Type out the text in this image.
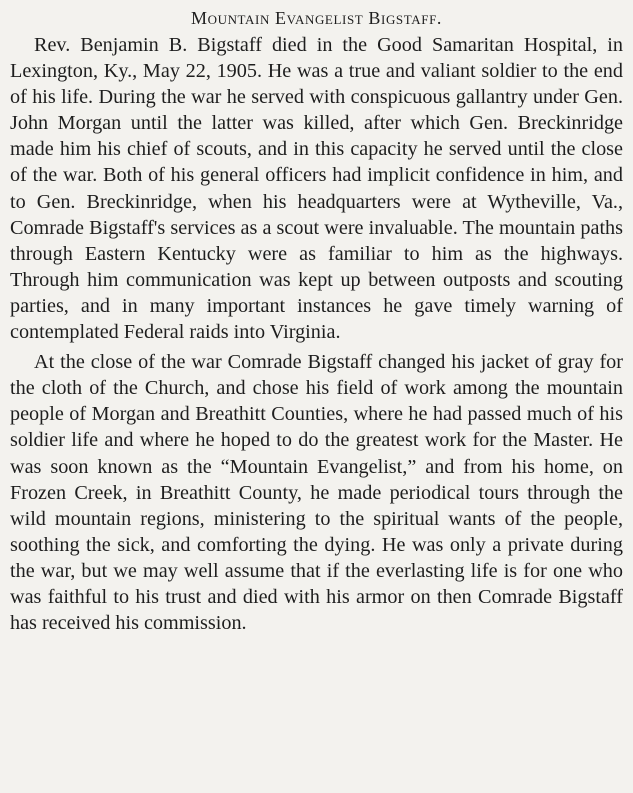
Mountain Evangelist Bigstaff.

Rev. Benjamin B. Bigstaff died in the Good Samaritan Hospital, in Lexington, Ky., May 22, 1905. He was a true and valiant soldier to the end of his life. During the war he served with conspicuous gallantry under Gen. John Morgan until the latter was killed, after which Gen. Breckinridge made him his chief of scouts, and in this capacity he served until the close of the war. Both of his general officers had implicit confidence in him, and to Gen. Breckinridge, when his headquarters were at Wytheville, Va., Comrade Bigstaff's services as a scout were invaluable. The mountain paths through Eastern Kentucky were as familiar to him as the highways. Through him communication was kept up between outposts and scouting parties, and in many important instances he gave timely warning of contemplated Federal raids into Virginia.

At the close of the war Comrade Bigstaff changed his jacket of gray for the cloth of the Church, and chose his field of work among the mountain people of Morgan and Breathitt Counties, where he had passed much of his soldier life and where he hoped to do the greatest work for the Master. He was soon known as the “Mountain Evangelist,” and from his home, on Frozen Creek, in Breathitt County, he made periodical tours through the wild mountain regions, ministering to the spiritual wants of the people, soothing the sick, and comforting the dying. He was only a private during the war, but we may well assume that if the everlasting life is for one who was faithful to his trust and died with his armor on then Comrade Bigstaff has received his commission.
